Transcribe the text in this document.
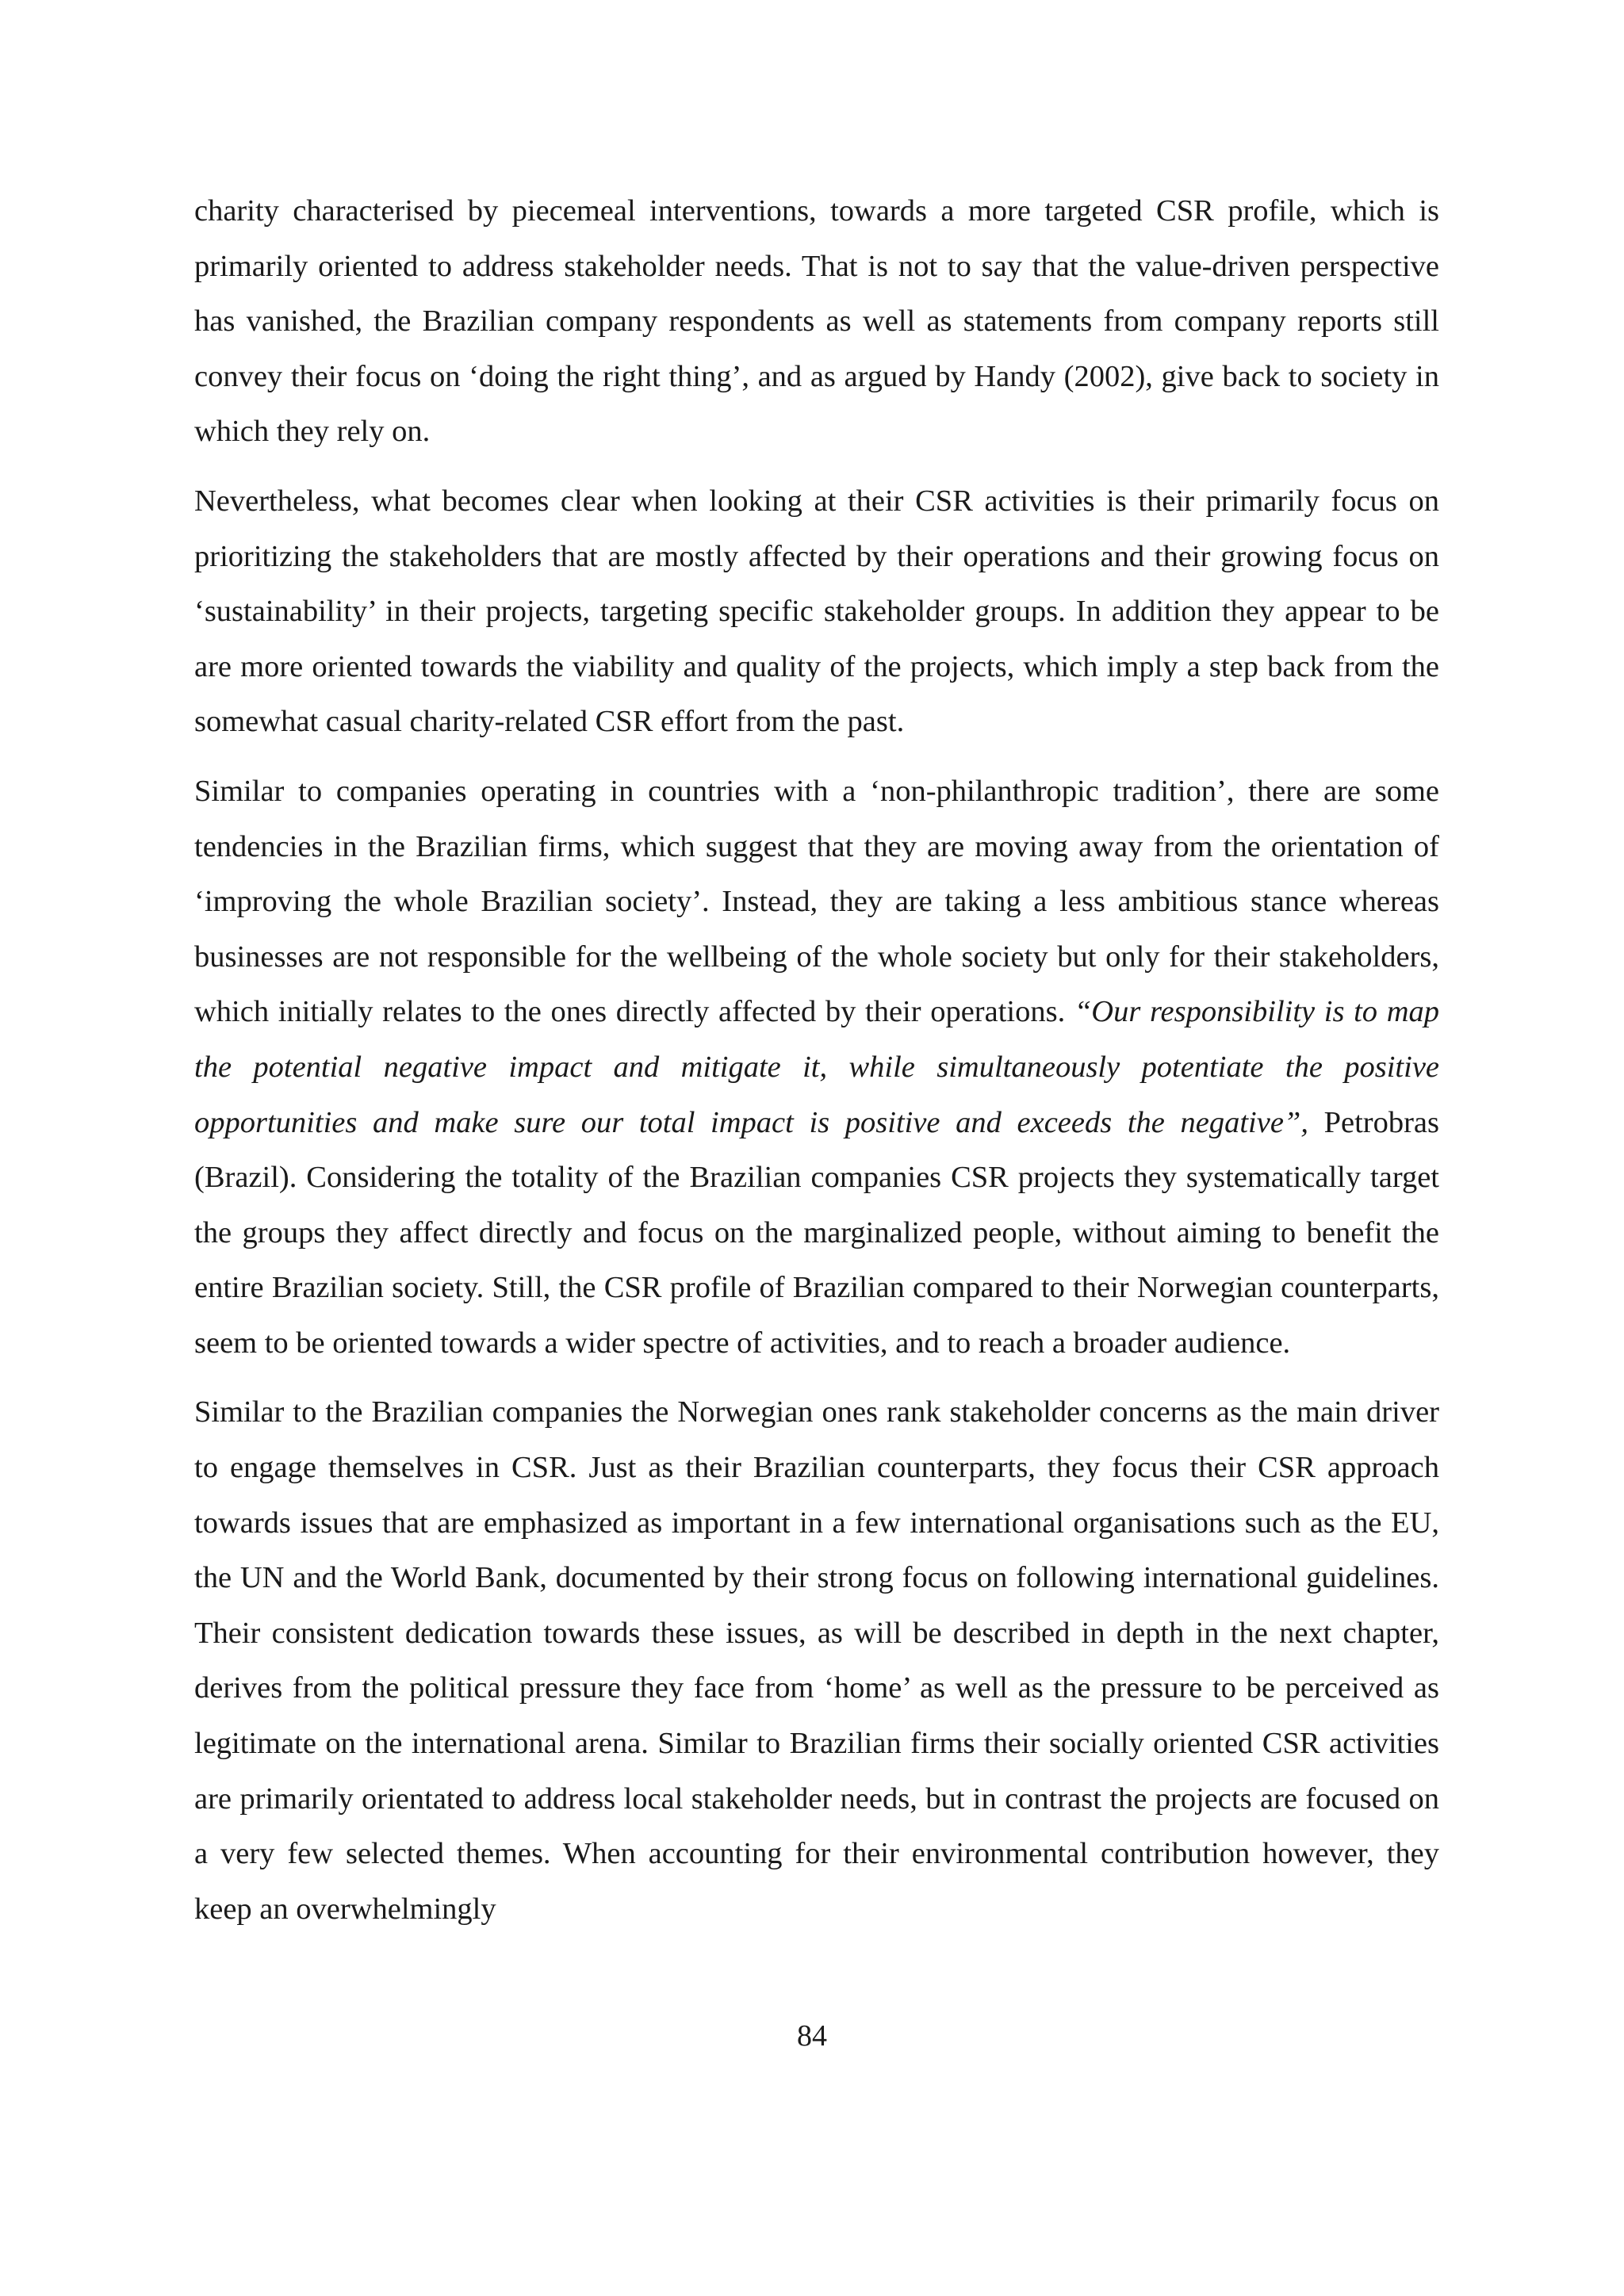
charity characterised by piecemeal interventions, towards a more targeted CSR profile, which is primarily oriented to address stakeholder needs. That is not to say that the value-driven perspective has vanished, the Brazilian company respondents as well as statements from company reports still convey their focus on ‘doing the right thing’, and as argued by Handy (2002), give back to society in which they rely on.

Nevertheless, what becomes clear when looking at their CSR activities is their primarily focus on prioritizing the stakeholders that are mostly affected by their operations and their growing focus on ‘sustainability’ in their projects, targeting specific stakeholder groups. In addition they appear to be are more oriented towards the viability and quality of the projects, which imply a step back from the somewhat casual charity-related CSR effort from the past.

Similar to companies operating in countries with a ‘non-philanthropic tradition’, there are some tendencies in the Brazilian firms, which suggest that they are moving away from the orientation of ‘improving the whole Brazilian society’. Instead, they are taking a less ambitious stance whereas businesses are not responsible for the wellbeing of the whole society but only for their stakeholders, which initially relates to the ones directly affected by their operations. “Our responsibility is to map the potential negative impact and mitigate it, while simultaneously potentiate the positive opportunities and make sure our total impact is positive and exceeds the negative”, Petrobras (Brazil). Considering the totality of the Brazilian companies CSR projects they systematically target the groups they affect directly and focus on the marginalized people, without aiming to benefit the entire Brazilian society. Still, the CSR profile of Brazilian compared to their Norwegian counterparts, seem to be oriented towards a wider spectre of activities, and to reach a broader audience.

Similar to the Brazilian companies the Norwegian ones rank stakeholder concerns as the main driver to engage themselves in CSR. Just as their Brazilian counterparts, they focus their CSR approach towards issues that are emphasized as important in a few international organisations such as the EU, the UN and the World Bank, documented by their strong focus on following international guidelines. Their consistent dedication towards these issues, as will be described in depth in the next chapter, derives from the political pressure they face from ‘home’ as well as the pressure to be perceived as legitimate on the international arena. Similar to Brazilian firms their socially oriented CSR activities are primarily orientated to address local stakeholder needs, but in contrast the projects are focused on a very few selected themes. When accounting for their environmental contribution however, they keep an overwhelmingly

84
